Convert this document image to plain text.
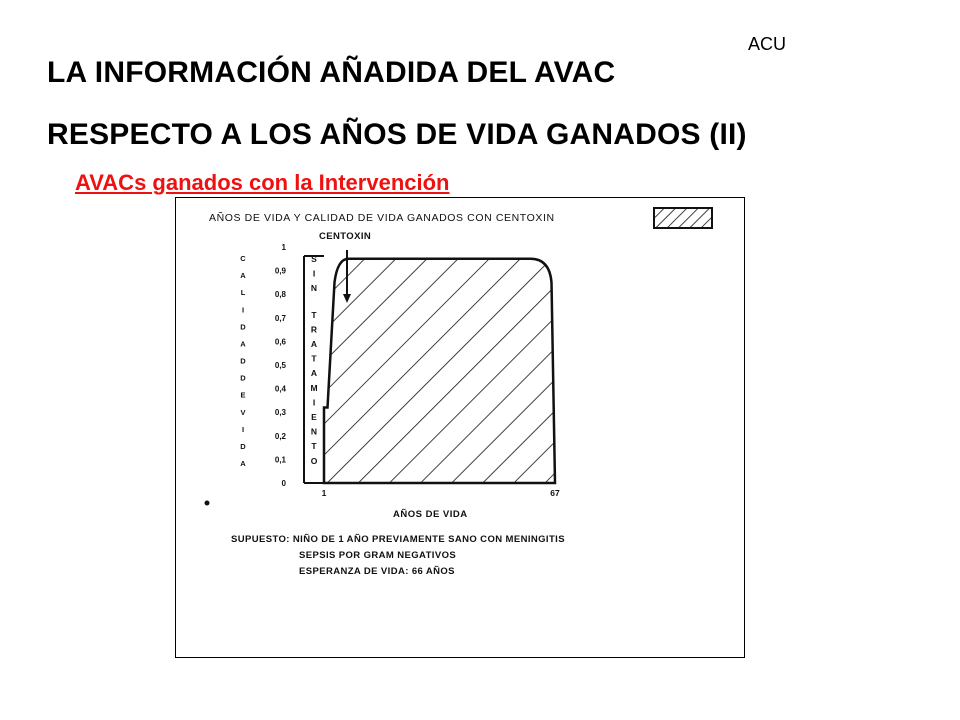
ACU
LA INFORMACIÓN AÑADIDA DEL AVAC
RESPECTO A LOS AÑOS DE VIDA GANADOS (II)
AVACs ganados con la Intervención
AÑOS DE VIDA Y CALIDAD DE VIDA GANADOS CON CENTOXIN
1
0,9
0,8
0,7
0,6
0,5
0,4
0,3
0,2
0,1
0
C
A
L
I
D
A
D
D
E
V
I
D
A
S
I
N
T
R
A
T
A
M
I
E
N
T
O
CENTOXIN
1	67
AÑOS DE VIDA
SUPUESTO: NIÑO DE 1 AÑO PREVIAMENTE SANO CON MENINGITIS
SEPSIS POR GRAM NEGATIVOS
ESPERANZA DE VIDA: 66 AÑOS
